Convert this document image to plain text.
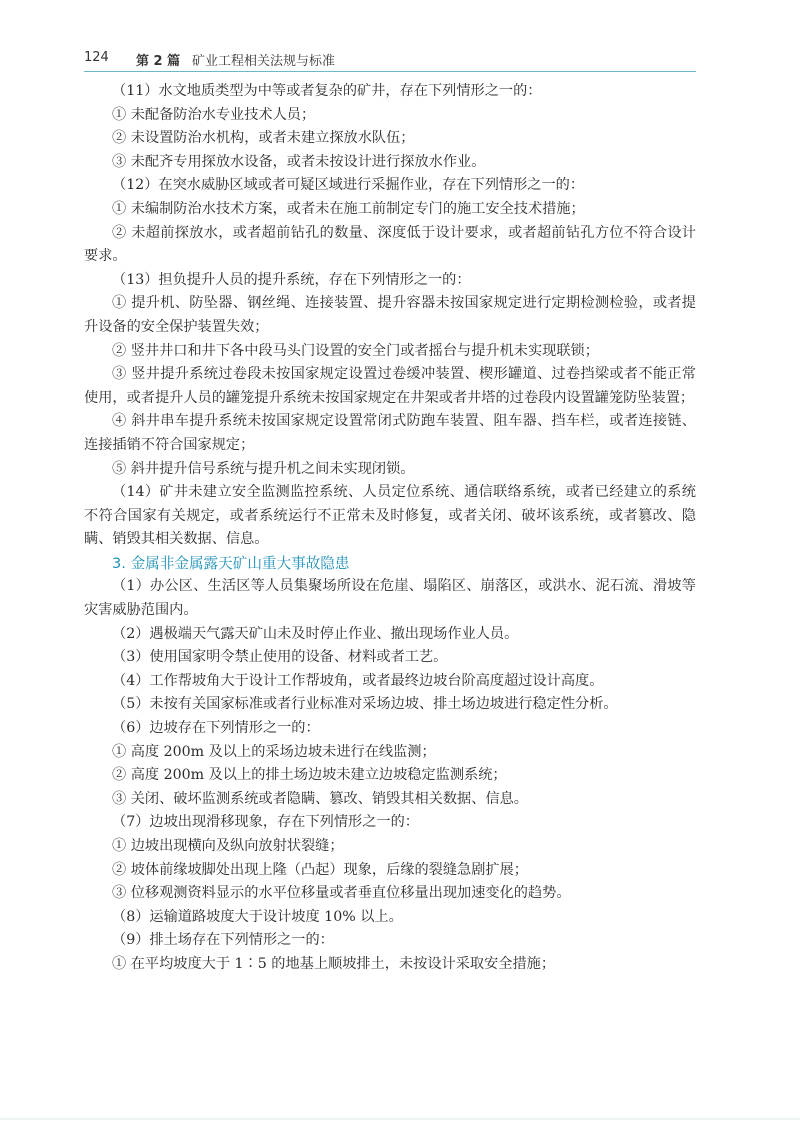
124 第 2 篇 矿业工程相关法规与标准

（11）水文地质类型为中等或者复杂的矿井，存在下列情形之一的：

① 未配备防治水专业技术人员；

② 未设置防治水机构，或者未建立探放水队伍；

③ 未配齐专用探放水设备，或者未按设计进行探放水作业。

（12）在突水威胁区域或者可疑区域进行采掘作业，存在下列情形之一的：

① 未编制防治水技术方案，或者未在施工前制定专门的施工安全技术措施；

② 未超前探放水，或者超前钻孔的数量、深度低于设计要求，或者超前钻孔方位不符合设计要求。

（13）担负提升人员的提升系统，存在下列情形之一的：

① 提升机、防坠器、钢丝绳、连接装置、提升容器未按国家规定进行定期检测检验，或者提升设备的安全保护装置失效；

② 竖井井口和井下各中段马头门设置的安全门或者摇台与提升机未实现联锁；

③ 竖井提升系统过卷段未按国家规定设置过卷缓冲装置、楔形罐道、过卷挡梁或者不能正常使用，或者提升人员的罐笼提升系统未按国家规定在井架或者井塔的过卷段内设置罐笼防坠装置；

④ 斜井串车提升系统未按国家规定设置常闭式防跑车装置、阻车器、挡车栏，或者连接链、连接插销不符合国家规定；

⑤ 斜井提升信号系统与提升机之间未实现闭锁。

（14）矿井未建立安全监测监控系统、人员定位系统、通信联络系统，或者已经建立的系统不符合国家有关规定，或者系统运行不正常未及时修复，或者关闭、破坏该系统，或者篡改、隐瞒、销毁其相关数据、信息。

3. 金属非金属露天矿山重大事故隐患

（1）办公区、生活区等人员集聚场所设在危崖、塌陷区、崩落区，或洪水、泥石流、滑坡等灾害威胁范围内。

（2）遇极端天气露天矿山未及时停止作业、撤出现场作业人员。

（3）使用国家明令禁止使用的设备、材料或者工艺。

（4）工作帮坡角大于设计工作帮坡角，或者最终边坡台阶高度超过设计高度。

（5）未按有关国家标准或者行业标准对采场边坡、排土场边坡进行稳定性分析。

（6）边坡存在下列情形之一的：

① 高度 200m 及以上的采场边坡未进行在线监测；

② 高度 200m 及以上的排土场边坡未建立边坡稳定监测系统；

③ 关闭、破坏监测系统或者隐瞒、篡改、销毁其相关数据、信息。

（7）边坡出现滑移现象，存在下列情形之一的：

① 边坡出现横向及纵向放射状裂缝；

② 坡体前缘坡脚处出现上隆（凸起）现象，后缘的裂缝急剧扩展；

③ 位移观测资料显示的水平位移量或者垂直位移量出现加速变化的趋势。

（8）运输道路坡度大于设计坡度 10% 以上。

（9）排土场存在下列情形之一的：

① 在平均坡度大于 1∶5 的地基上顺坡排土，未按设计采取安全措施；
